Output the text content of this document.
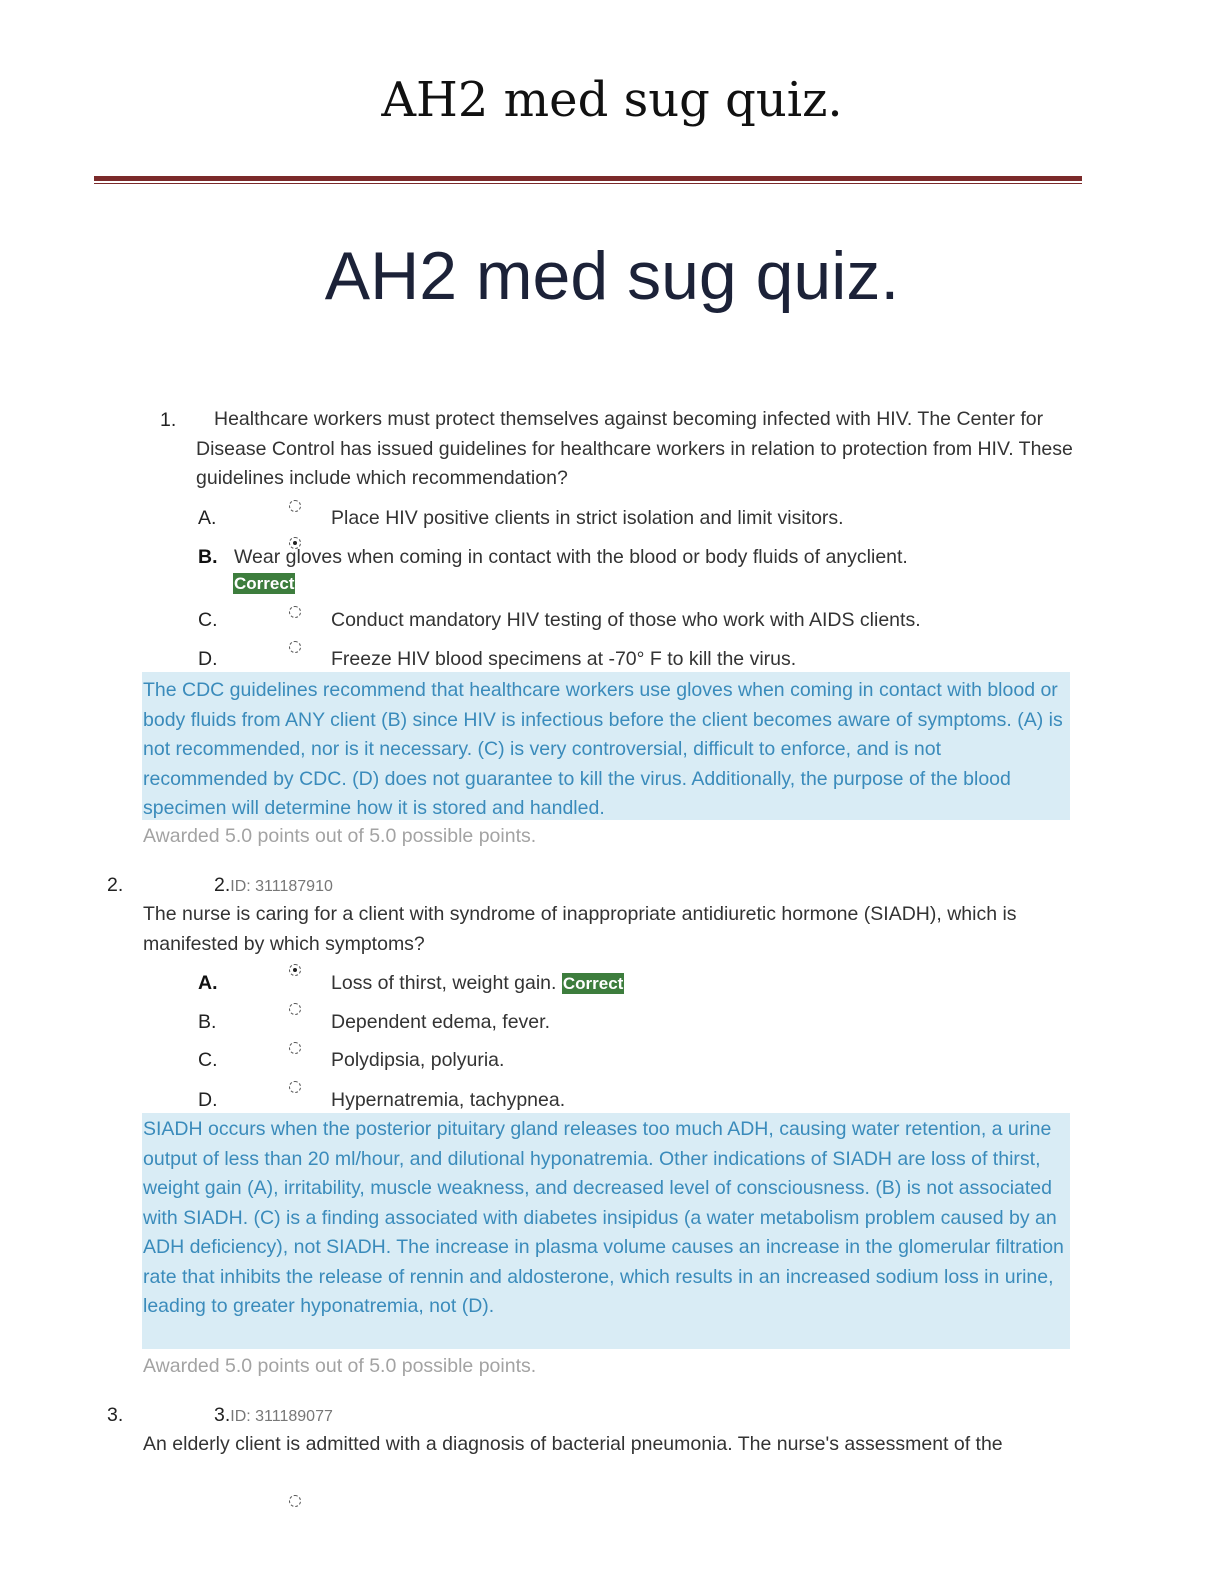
AH2 med sug quiz.
AH2 med sug quiz.
1.	Healthcare workers must protect themselves against becoming infected with HIV. The Center for Disease Control has issued guidelines for healthcare workers in relation to protection from HIV. These guidelines include which recommendation?
A.	Place HIV positive clients in strict isolation and limit visitors.
B. Wear gloves when coming in contact with the blood or body fluids of anyclient.
Correct
C.	Conduct mandatory HIV testing of those who work with AIDS clients.
D.	Freeze HIV blood specimens at -70° F to kill the virus.
The CDC guidelines recommend that healthcare workers use gloves when coming in contact with blood or body fluids from ANY client (B) since HIV is infectious before the client becomes aware of symptoms. (A) is not recommended, nor is it necessary. (C) is very controversial, difficult to enforce, and is not recommended by CDC. (D) does not guarantee to kill the virus. Additionally, the purpose of the blood specimen will determine how it is stored and handled.
Awarded 5.0 points out of 5.0 possible points.
2.	2.ID: 311187910
The nurse is caring for a client with syndrome of inappropriate antidiuretic hormone (SIADH), which is manifested by which symptoms?
A.	Loss of thirst, weight gain. Correct
B.	Dependent edema, fever.
C.	Polydipsia, polyuria.
D.	Hypernatremia, tachypnea.
SIADH occurs when the posterior pituitary gland releases too much ADH, causing water retention, a urine output of less than 20 ml/hour, and dilutional hyponatremia. Other indications of SIADH are loss of thirst, weight gain (A), irritability, muscle weakness, and decreased level of consciousness. (B) is not associated with SIADH. (C) is a finding associated with diabetes insipidus (a water metabolism problem caused by an ADH deficiency), not SIADH. The increase in plasma volume causes an increase in the glomerular filtration rate that inhibits the release of rennin and aldosterone, which results in an increased sodium loss in urine, leading to greater hyponatremia, not (D).
Awarded 5.0 points out of 5.0 possible points.
3.	3.ID: 311189077
An elderly client is admitted with a diagnosis of bacterial pneumonia. The nurse's assessment of the
